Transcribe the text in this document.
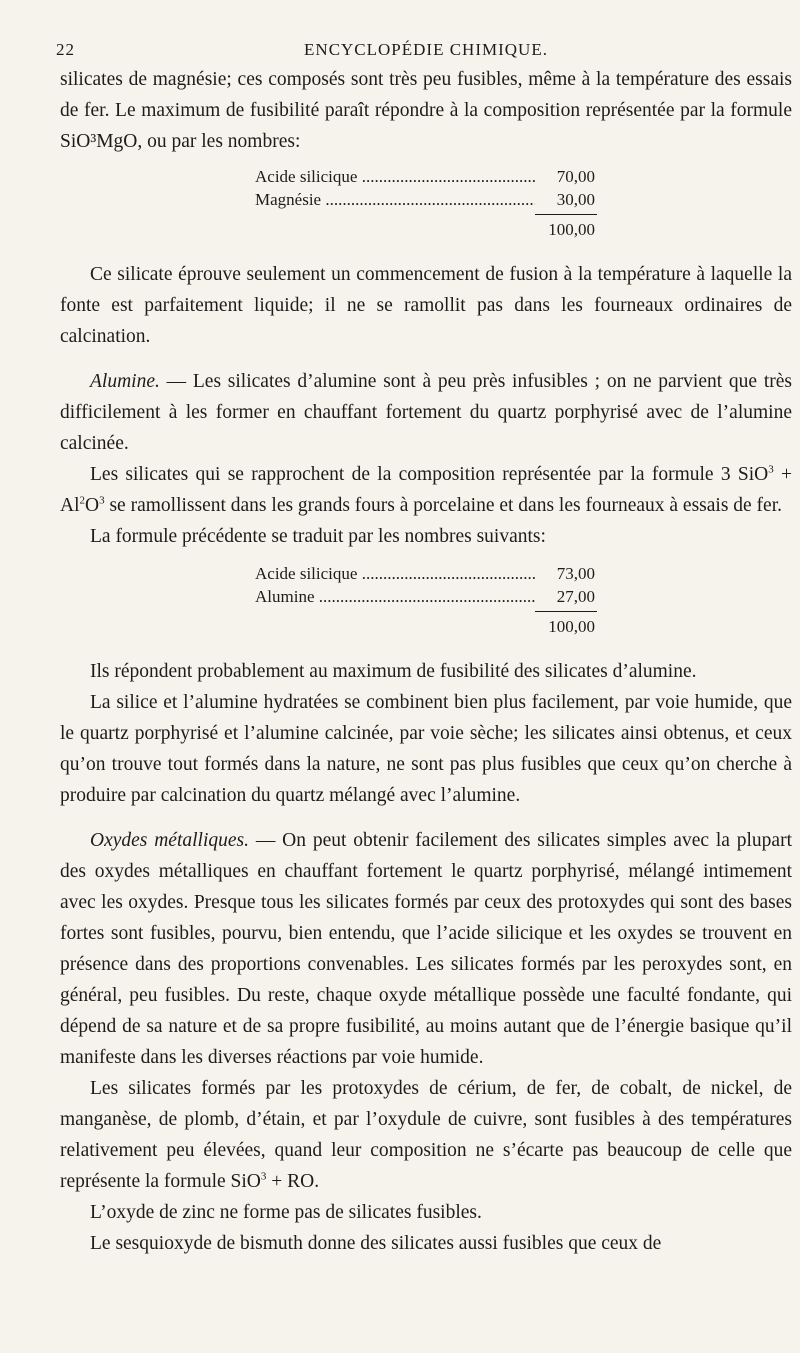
22	ENCYCLOPÉDIE CHIMIQUE.

silicates de magnésie; ces composés sont très peu fusibles, même à la température des essais de fer. Le maximum de fusibilité paraît répondre à la composition représentée par la formule SiO³MgO, ou par les nombres:

Acide silicique .....	70,00
Magnésie .....	30,00
100,00

Ce silicate éprouve seulement un commencement de fusion à la température à laquelle la fonte est parfaitement liquide; il ne se ramollit pas dans les fourneaux ordinaires de calcination.

Alumine. — Les silicates d’alumine sont à peu près infusibles ; on ne parvient que très difficilement à les former en chauffant fortement du quartz porphyrisé avec de l’alumine calcinée.

Les silicates qui se rapprochent de la composition représentée par la formule 3 $SiO^3 + Al^2O^3$ se ramollissent dans les grands fours à porcelaine et dans les fourneaux à essais de fer.

La formule précédente se traduit par les nombres suivants:

Acide silicique .....	73,00
Alumine .....	27,00
100,00

Ils répondent probablement au maximum de fusibilité des silicates d’alumine.

La silice et l’alumine hydratées se combinent bien plus facilement, par voie humide, que le quartz porphyrisé et l’alumine calcinée, par voie sèche; les silicates ainsi obtenus, et ceux qu’on trouve tout formés dans la nature, ne sont pas plus fusibles que ceux qu’on cherche à produire par calcination du quartz mélangé avec l’alumine.

Oxydes métalliques. — On peut obtenir facilement des silicates simples avec la plupart des oxydes métalliques en chauffant fortement le quartz porphyrisé, mélangé intimement avec les oxydes. Presque tous les silicates formés par ceux des protoxydes qui sont des bases fortes sont fusibles, pourvu, bien entendu, que l’acide silicique et les oxydes se trouvent en présence dans des proportions convenables. Les silicates formés par les peroxydes sont, en général, peu fusibles. Du reste, chaque oxyde métallique possède une faculté fondante, qui dépend de sa nature et de sa propre fusibilité, au moins autant que de l’énergie basique qu’il manifeste dans les diverses réactions par voie humide.

Les silicates formés par les protoxydes de cérium, de fer, de cobalt, de nickel, de manganèse, de plomb, d’étain, et par l’oxydule de cuivre, sont fusibles à des températures relativement peu élevées, quand leur composition ne s’écarte pas beaucoup de celle que représente la formule SiO$^3$ + RO.

L’oxyde de zinc ne forme pas de silicates fusibles.

Le sesquioxyde de bismuth donne des silicates aussi fusibles que ceux de
